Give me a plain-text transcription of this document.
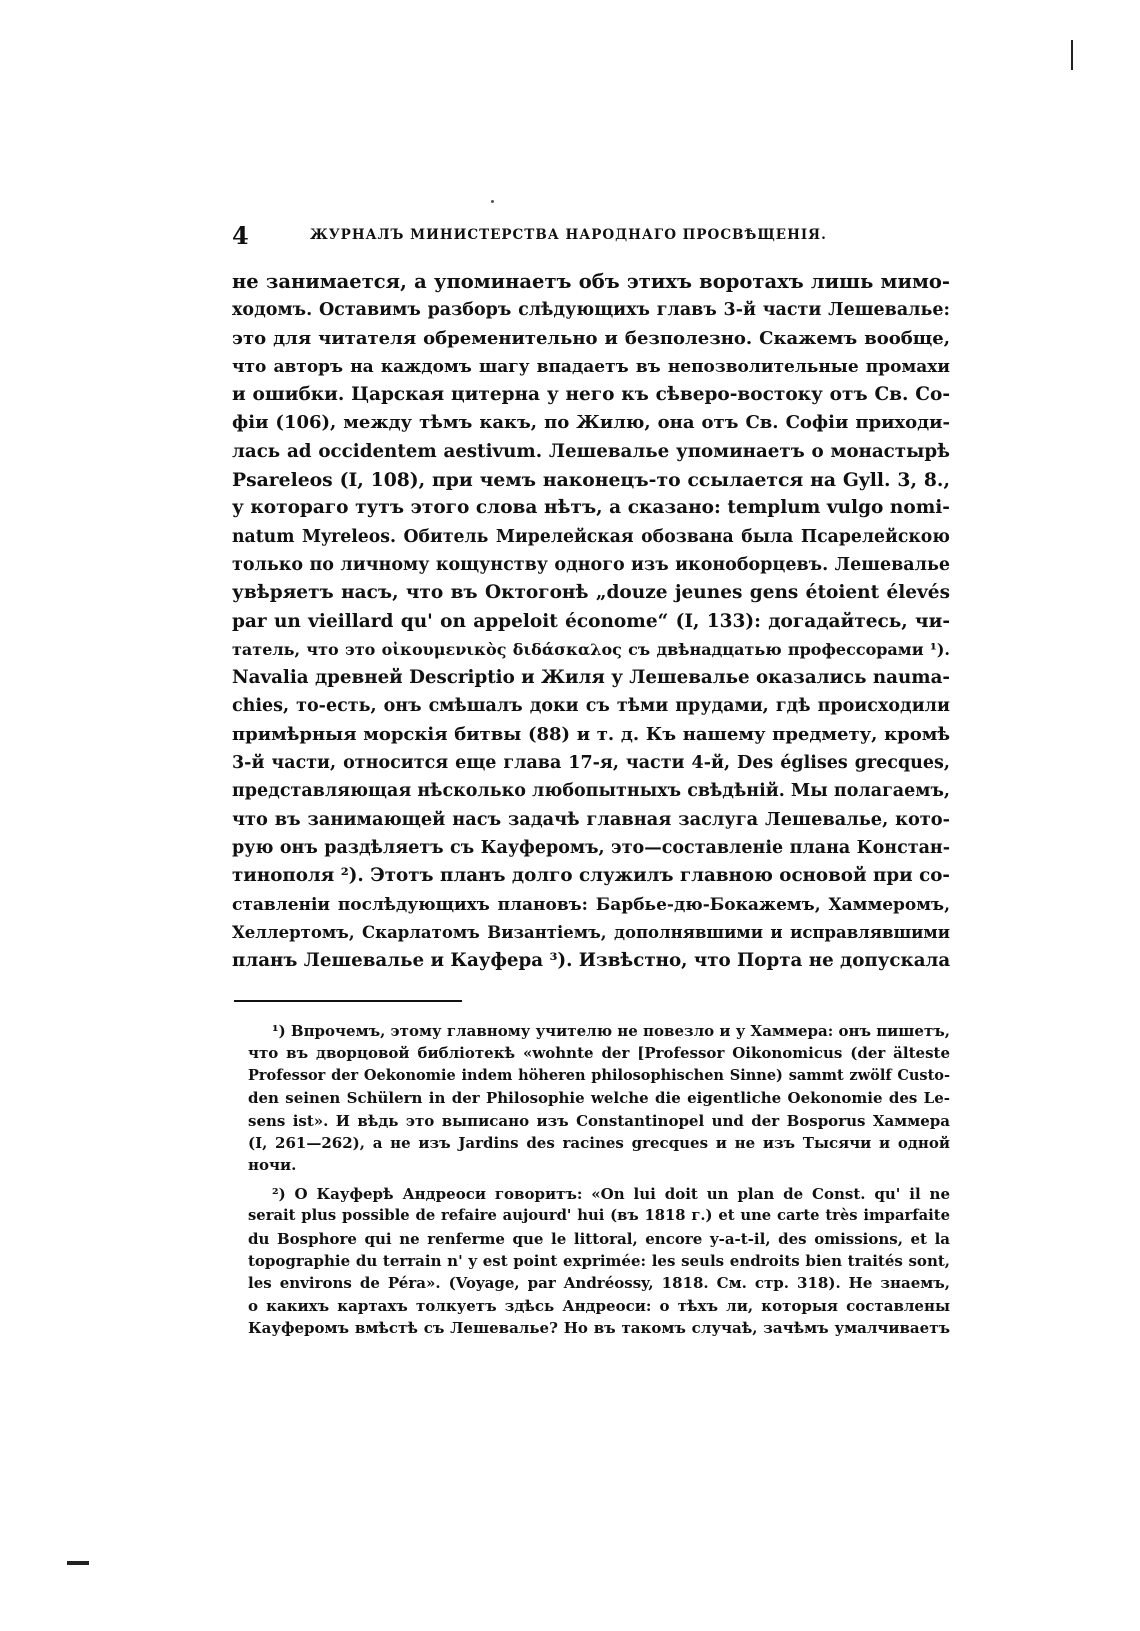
4	ЖУРНАЛЪ МИНИСТЕРСТВА НАРОДНАГО ПРОСВѢЩЕНІЯ.
не занимается, а упоминаетъ объ этихъ воротахъ лишь мимо-
ходомъ. Оставимъ разборъ слѣдующихъ главъ 3-й части Лешевалье:
это для читателя обременительно и безполезно. Скажемъ вообще,
что авторъ на каждомъ шагу впадаетъ въ непозволительные промахи
и ошибки. Царская цитерна у него къ сѣверо-востоку отъ Св. Со-
фіи (106), между тѣмъ какъ, по Жилю, она отъ Св. Софіи приходи-
лась ad occidentem aestivum. Лешевалье упоминаетъ о монастырѣ
Psareleos (I, 108), при чемъ наконецъ-то ссылается на Gyll. 3, 8.,
у котораго тутъ этого слова нѣтъ, а сказано: templum vulgo nomi-
natum Myreleos. Обитель Мирелейская обозвана была Псарелейскою
только по личному кощунству одного изъ иконоборцевъ. Лешевалье
увѣряетъ насъ, что въ Октогонѣ „douze jeunes gens étoient élevés
par un vieillard qu' on appeloit économe“ (I, 133): догадайтесь, чи-
татель, что это οἰκουμενικὸς διδάσκαλος съ двѣнадцатью профессорами ¹).
Navalia древней Descriptio и Жиля у Лешевалье оказались nauma-
chies, то-есть, онъ смѣшалъ доки съ тѣми прудами, гдѣ происходили
примѣрныя морскія битвы (88) и т. д. Къ нашему предмету, кромѣ
3-й части, относится еще глава 17-я, части 4-й, Des églises grecques,
представляющая нѣсколько любопытныхъ свѣдѣній. Мы полагаемъ,
что въ занимающей насъ задачѣ главная заслуга Лешевалье, кото-
рую онъ раздѣляетъ съ Кауферомъ, это—составленіе плана Констан-
тинополя ²). Этотъ планъ долго служилъ главною основой при со-
ставленіи послѣдующихъ плановъ: Барбье-дю-Бокажемъ, Хаммеромъ,
Хеллертомъ, Скарлатомъ Византіемъ, дополнявшими и исправлявшими
планъ Лешевалье и Кауфера ³). Извѣстно, что Порта не допускала
¹) Впрочемъ, этому главному учителю не повезло и у Хаммера: онъ пишетъ,
что въ дворцовой библіотекѣ «wohnte der [Professor Oikonomicus (der älteste
Professor der Oekonomie indem höheren philosophischen Sinne) sammt zwölf Custo-
den seinen Schülern in der Philosophie welche die eigentliche Oekonomie des Le-
sens ist». И вѣдь это выписано изъ Constantinopel und der Bosporus Хаммера
(I, 261—262), а не изъ Jardins des racines grecques и не изъ Тысячи и одной
ночи.
²) О Кауферѣ Андреоси говоритъ: «On lui doit un plan de Const. qu' il ne
serait plus possible de refaire aujourd' hui (въ 1818 г.) et une carte très imparfaite
du Bosphore qui ne renferme que le littoral, encore y-a-t-il, des omissions, et la
topographie du terrain n' y est point exprimée: les seuls endroits bien traités sont,
les environs de Péra». (Voyage, par Andréossy, 1818. См. стр. 318). Не знаемъ,
о какихъ картахъ толкуетъ здѣсь Андреоси: о тѣхъ ли, которыя составлены
Кауферомъ вмѣстѣ съ Лешевалье? Но въ такомъ случаѣ, зачѣмъ умалчиваетъ
